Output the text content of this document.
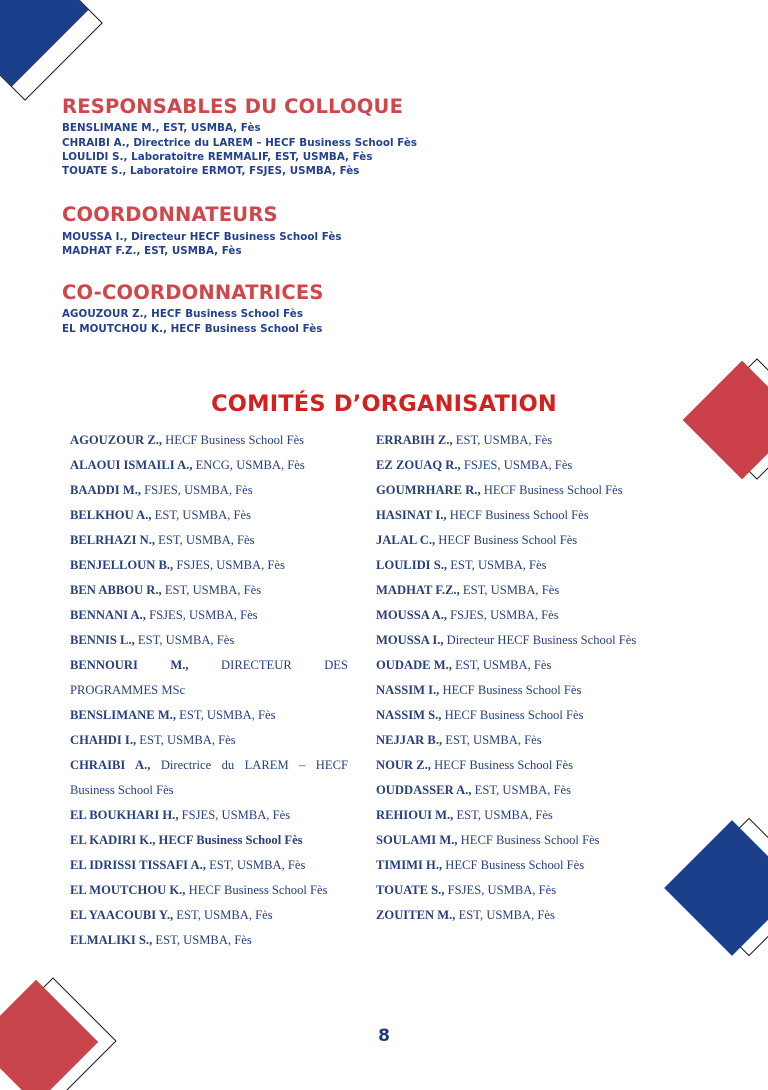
RESPONSABLES DU COLLOQUE
BENSLIMANE M., EST, USMBA, Fès
CHRAIBI A., Directrice du LAREM – HECF Business School Fès
LOULIDI S., Laboratoitre REMMALIF, EST, USMBA, Fès
TOUATE S., Laboratoire ERMOT, FSJES, USMBA, Fès
COORDONNATEURS
MOUSSA I., Directeur HECF Business School Fès
MADHAT F.Z., EST, USMBA, Fès
CO-COORDONNATRICES
AGOUZOUR Z., HECF Business School Fès
EL MOUTCHOU K., HECF Business School Fès
COMITÉS D’ORGANISATION

AGOUZOUR Z., HECF Business School Fès

ALAOUI ISMAILI A., ENCG, USMBA, Fès

BAADDI M., FSJES, USMBA, Fès

BELKHOU A., EST, USMBA, Fès

BELRHAZI N., EST, USMBA, Fès

BENJELLOUN B., FSJES, USMBA, Fès

BEN ABBOU R., EST, USMBA, Fès

BENNANI A., FSJES, USMBA, Fès

BENNIS L., EST, USMBA, Fès

BENNOURI M., DIRECTEUR DES PROGRAMMES MSc

BENSLIMANE M., EST, USMBA, Fès

CHAHDI I., EST, USMBA, Fès

CHRAIBI A., Directrice du LAREM – HECF Business School Fès

EL BOUKHARI H., FSJES, USMBA, Fès

EL KADIRI K., HECF Business School Fès

EL IDRISSI TISSAFI A., EST, USMBA, Fès

EL MOUTCHOU K., HECF Business School Fès

EL YAACOUBI Y., EST, USMBA, Fès

ELMALIKI S., EST, USMBA, Fès

ERRABIH Z., EST, USMBA, Fès

EZ ZOUAQ R., FSJES, USMBA, Fès

GOUMRHARE R., HECF Business School Fès

HASINAT I., HECF Business School Fès

JALAL C., HECF Business School Fès

LOULIDI S., EST, USMBA, Fès

MADHAT F.Z., EST, USMBA, Fès

MOUSSA A., FSJES, USMBA, Fès

MOUSSA I., Directeur HECF Business School Fès

OUDADE M., EST, USMBA, Fès

NASSIM I., HECF Business School Fès

NASSIM S., HECF Business School Fès

NEJJAR B., EST, USMBA, Fès

NOUR Z., HECF Business School Fès

OUDDASSER A., EST, USMBA, Fès

REHIOUI M., EST, USMBA, Fès

SOULAMI M., HECF Business School Fès

TIMIMI H., HECF Business School Fès

TOUATE S., FSJES, USMBA, Fès

ZOUITEN M., EST, USMBA, Fès

8
